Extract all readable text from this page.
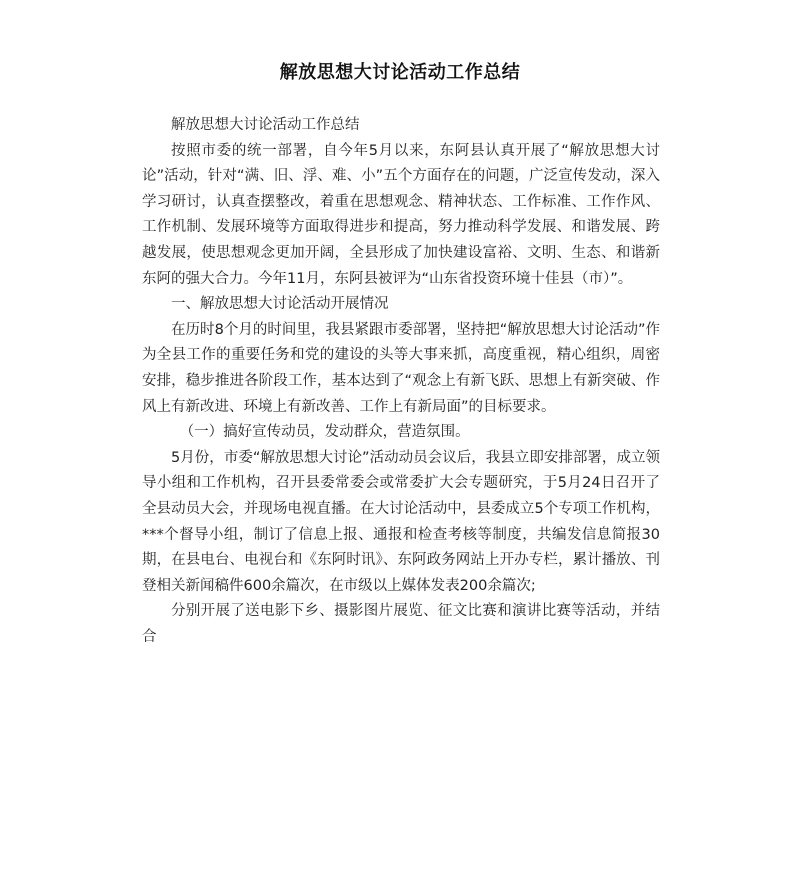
解放思想大讨论活动工作总结

解放思想大讨论活动工作总结

按照市委的统一部署，自今年5月以来，东阿县认真开展了“解放思想大讨论”活动，针对“满、旧、浮、难、小”五个方面存在的问题，广泛宣传发动，深入学习研讨，认真查摆整改，着重在思想观念、精神状态、工作标准、工作作风、工作机制、发展环境等方面取得进步和提高，努力推动科学发展、和谐发展、跨越发展，使思想观念更加开阔，全县形成了加快建设富裕、文明、生态、和谐新东阿的强大合力。今年11月，东阿县被评为“山东省投资环境十佳县（市）”。

一、解放思想大讨论活动开展情况

在历时8个月的时间里，我县紧跟市委部署，坚持把“解放思想大讨论活动”作为全县工作的重要任务和党的建设的头等大事来抓，高度重视，精心组织，周密安排，稳步推进各阶段工作，基本达到了“观念上有新飞跃、思想上有新突破、作风上有新改进、环境上有新改善、工作上有新局面”的目标要求。

（一）搞好宣传动员，发动群众，营造氛围。

5月份，市委“解放思想大讨论”活动动员会议后，我县立即安排部署，成立领导小组和工作机构，召开县委常委会或常委扩大会专题研究，于5月24日召开了全县动员大会，并现场电视直播。在大讨论活动中，县委成立5个专项工作机构，***个督导小组，制订了信息上报、通报和检查考核等制度，共编发信息简报30期，在县电台、电视台和《东阿时讯》、东阿政务网站上开办专栏，累计播放、刊登相关新闻稿件600余篇次，在市级以上媒体发表200余篇次;

分别开展了送电影下乡、摄影图片展览、征文比赛和演讲比赛等活动，并结合
